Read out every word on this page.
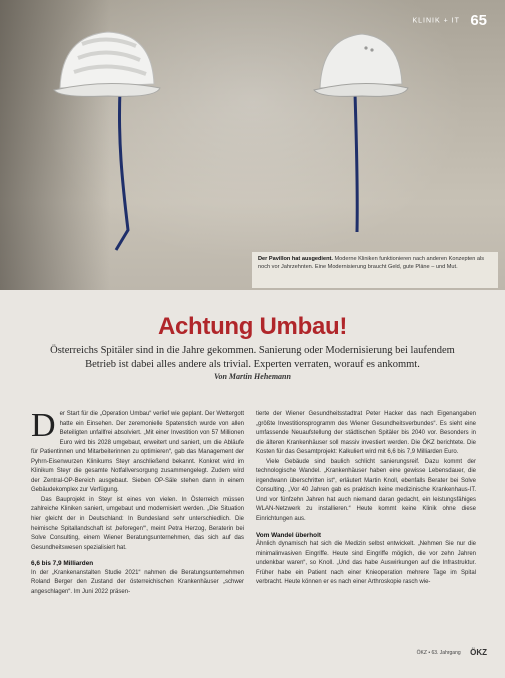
KLINIK + IT 65
Der Pavillon hat ausgedient. Moderne Kliniken funktionieren nach anderen Konzepten als noch vor Jahrzehnten. Eine Modernisierung braucht Geld, gute Pläne – und Mut.
Achtung Umbau!

Österreichs Spitäler sind in die Jahre gekommen. Sanierung oder Modernisierung bei laufendem Betrieb ist dabei alles andere als trivial. Experten verraten, worauf es ankommt.

Von Martin Hehemann
D er Start für die „Operation Umbau“ verlief wie geplant. Der Wettergott hatte ein Einsehen. Der zeremonielle Spatenstich wurde von allen Beteiligten unfallfrei absolviert. „Mit einer Investition von 57 Millionen Euro wird bis 2028 umgebaut, erweitert und saniert, um die Abläufe für Patientinnen und Mitarbeiterinnen zu optimieren“, gab das Management der Pyhrn-Eisenwurzen Klinikums Steyr anschließend bekannt. Konkret wird im Klinikum Steyr die gesamte Notfallversorgung zusammengelegt. Zudem wird der Zentral-OP-Bereich ausgebaut. Sieben OP-Säle stehen dann in einem Gebäudekomplex zur Verfügung.

Das Bauprojekt in Steyr ist eines von vielen. In Österreich müssen zahlreiche Kliniken saniert, umgebaut und modernisiert werden. „Die Situation hier gleicht der in Deutschland: In Bundesland sehr unterschiedlich. Die heimische Spitallandschaft ist ‚beforegen‘“, meint Petra Herzog, Beraterin bei Solve Consulting, einem Wiener Beratungsunternehmen, das sich auf das Gesundheitswesen spezialisiert hat.

6,6 bis 7,9 Milliarden

In der „Krankenanstalten Studie 2021“ nahmen die Beratungsunternehmen Roland Berger den Zustand der österreichischen Krankenhäuser „schwer angeschlagen“. Im Juni 2022 präsen-

tierte der Wiener Gesundheitsstadtrat Peter Hacker das nach Eigenangaben „größte Investitionsprogramm des Wiener Gesundheitsverbundes“. Es sieht eine umfassende Neuaufstellung der städtischen Spitäler bis 2040 vor. Besonders in die älteren Krankenhäuser soll massiv investiert werden. Die ÖKZ berichtete. Die Kosten für das Gesamtprojekt: Kalkuliert wird mit 6,6 bis 7,9 Milliarden Euro.

Viele Gebäude sind baulich schlicht sanierungsreif. Dazu kommt der technologische Wandel. „Krankenhäuser haben eine gewisse Lebensdauer, die irgendwann überschritten ist“, erläutert Martin Knoll, ebenfalls Berater bei Solve Consulting. „Vor 40 Jahren gab es praktisch keine medizinische Krankenhaus-IT. Und vor fünfzehn Jahren hat auch niemand daran gedacht, ein leistungsfähiges WLAN-Netzwerk zu installieren.“ Heute kommt keine Klinik ohne diese Einrichtungen aus.

Vom Wandel überholt

Ähnlich dynamisch hat sich die Medizin selbst entwickelt. „Nehmen Sie nur die minimalinvasiven Eingriffe. Heute sind Eingriffe möglich, die vor zehn Jahren undenkbar waren“, so Knoll. „Und das habe Auswirkungen auf die Infrastruktur. Früher habe ein Patient nach einer Knieoperation mehrere Tage im Spital verbracht. Heute können er es nach einer Arthroskopie rasch wie-

ÖKZ • 63. Jahrgang ÖKZ
